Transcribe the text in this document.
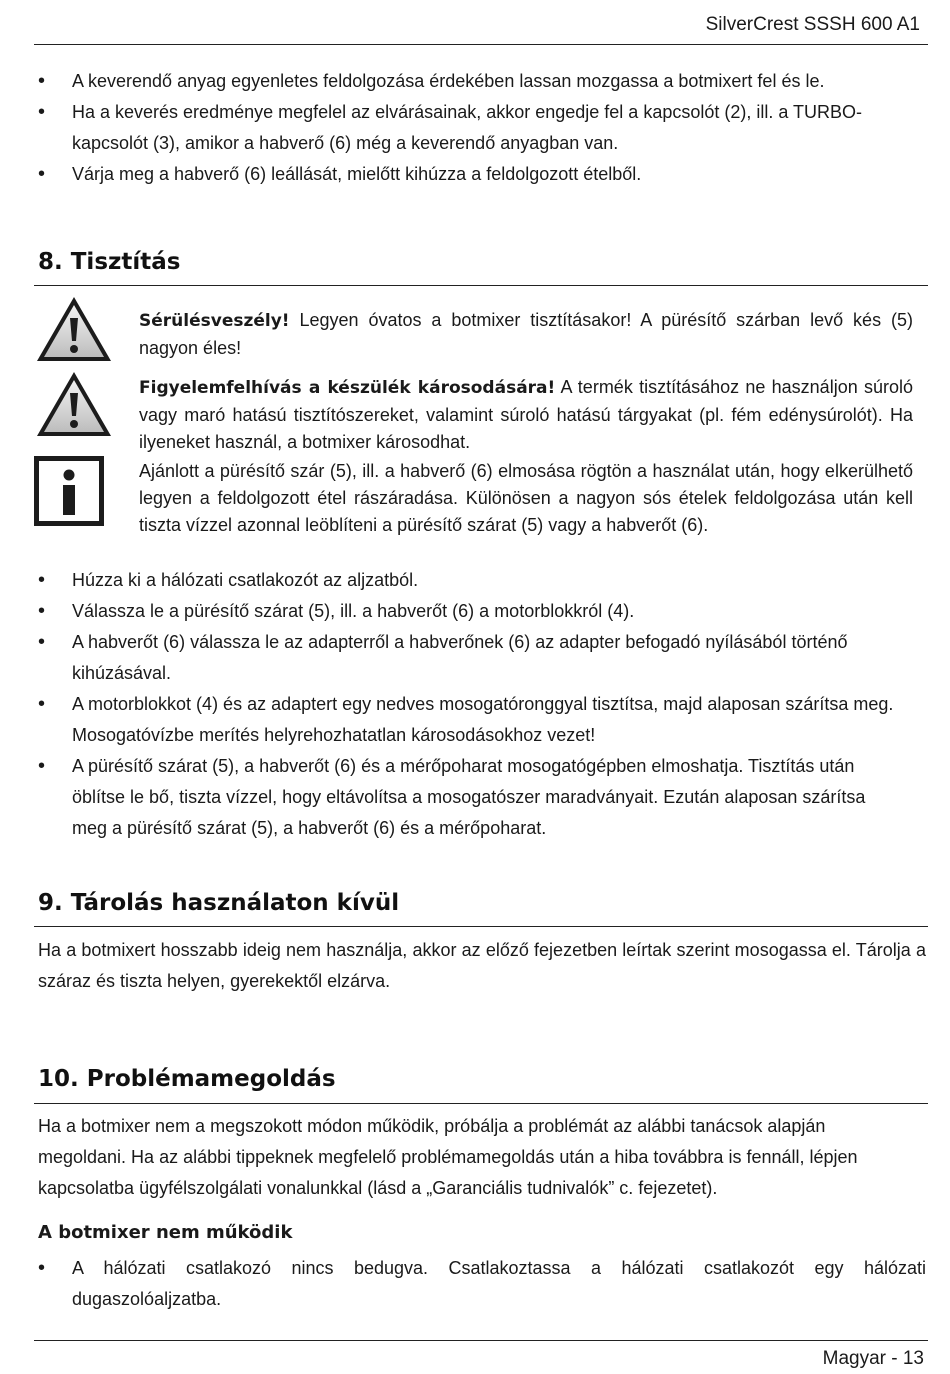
SilverCrest SSSH 600 A1
• A keverendő anyag egyenletes feldolgozása érdekében lassan mozgassa a botmixert fel és le.
• Ha a keverés eredménye megfelel az elvárásainak, akkor engedje fel a kapcsolót (2), ill. a TURBO-kapcsolót (3), amikor a habverő (6) még a keverendő anyagban van.
• Várja meg a habverő (6) leállását, mielőtt kihúzza a feldolgozott ételből.
8. Tisztítás
Sérülésveszély! Legyen óvatos a botmixer tisztításakor! A pürésítő szárban levő kés (5) nagyon éles!
Figyelemfelhívás a készülék károsodására! A termék tisztításához ne használjon súroló vagy maró hatású tisztítószereket, valamint súroló hatású tárgyakat (pl. fém edénysúrolót). Ha ilyeneket használ, a botmixer károsodhat.
Ajánlott a pürésítő szár (5), ill. a habverő (6) elmosása rögtön a használat után, hogy elkerülhető legyen a feldolgozott étel rászáradása. Különösen a nagyon sós ételek feldolgozása után kell tiszta vízzel azonnal leöblíteni a pürésítő szárat (5) vagy a habverőt (6).
• Húzza ki a hálózati csatlakozót az aljzatból.
• Válassza le a pürésítő szárat (5), ill. a habverőt (6) a motorblokkról (4).
• A habverőt (6) válassza le az adapterről a habverőnek (6) az adapter befogadó nyílásából történő kihúzásával.
• A motorblokkot (4) és az adaptert egy nedves mosogatóronggyal tisztítsa, majd alaposan szárítsa meg. Mosogatóvízbe merítés helyrehozhatatlan károsodásokhoz vezet!
• A pürésítő szárat (5), a habverőt (6) és a mérőpoharat mosogatógépben elmoshatja. Tisztítás után öblítse le bő, tiszta vízzel, hogy eltávolítsa a mosogatószer maradványait. Ezután alaposan szárítsa meg a pürésítő szárat (5), a habverőt (6) és a mérőpoharat.
9. Tárolás használaton kívül
Ha a botmixert hosszabb ideig nem használja, akkor az előző fejezetben leírtak szerint mosogassa el. Tárolja a száraz és tiszta helyen, gyerekektől elzárva.
10. Problémamegoldás
Ha a botmixer nem a megszokott módon működik, próbálja a problémát az alábbi tanácsok alapján megoldani. Ha az alábbi tippeknek megfelelő problémamegoldás után a hiba továbbra is fennáll, lépjen kapcsolatba ügyfélszolgálati vonalunkkal (lásd a „Garanciális tudnivalók” c. fejezetet).
A botmixer nem működik
• A hálózati csatlakozó nincs bedugva. Csatlakoztassa a hálózati csatlakozót egy hálózati
dugaszolóaljzatba.
Magyar - 13
